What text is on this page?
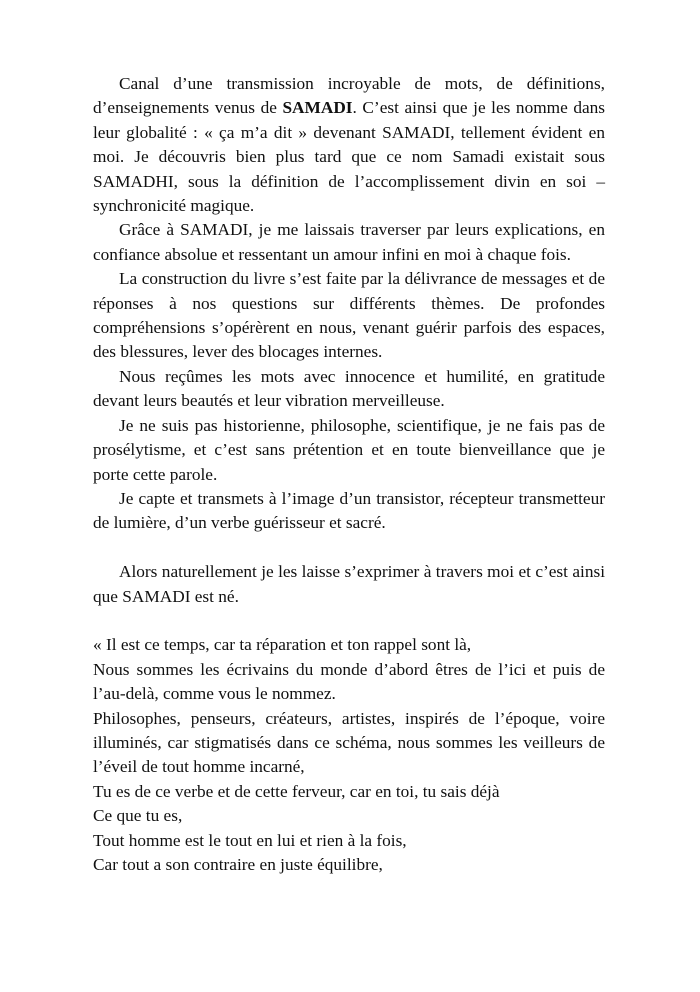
Canal d’une transmission incroyable de mots, de définitions, d’enseignements venus de SAMADI. C’est ainsi que je les nomme dans leur globalité : « ça m’a dit » devenant SAMADI, tellement évident en moi. Je découvris bien plus tard que ce nom Samadi existait sous SAMADHI, sous la définition de l’accomplissement divin en soi – synchronicité magique.

Grâce à SAMADI, je me laissais traverser par leurs explications, en confiance absolue et ressentant un amour infini en moi à chaque fois.

La construction du livre s’est faite par la délivrance de messages et de réponses à nos questions sur différents thèmes. De profondes compréhensions s’opérèrent en nous, venant guérir parfois des espaces, des blessures, lever des blocages internes.

Nous reçûmes les mots avec innocence et humilité, en gratitude devant leurs beautés et leur vibration merveilleuse.

Je ne suis pas historienne, philosophe, scientifique, je ne fais pas de prosélytisme, et c’est sans prétention et en toute bienveillance que je porte cette parole.

Je capte et transmets à l’image d’un transistor, récepteur transmetteur de lumière, d’un verbe guérisseur et sacré.

Alors naturellement je les laisse s’exprimer à travers moi et c’est ainsi que SAMADI est né.

« Il est ce temps, car ta réparation et ton rappel sont là,

Nous sommes les écrivains du monde d’abord êtres de l’ici et puis de l’au-delà, comme vous le nommez.

Philosophes, penseurs, créateurs, artistes, inspirés de l’époque, voire illuminés, car stigmatisés dans ce schéma, nous sommes les veilleurs de l’éveil de tout homme incarné,

Tu es de ce verbe et de cette ferveur, car en toi, tu sais déjà

Ce que tu es,

Tout homme est le tout en lui et rien à la fois,

Car tout a son contraire en juste équilibre,
